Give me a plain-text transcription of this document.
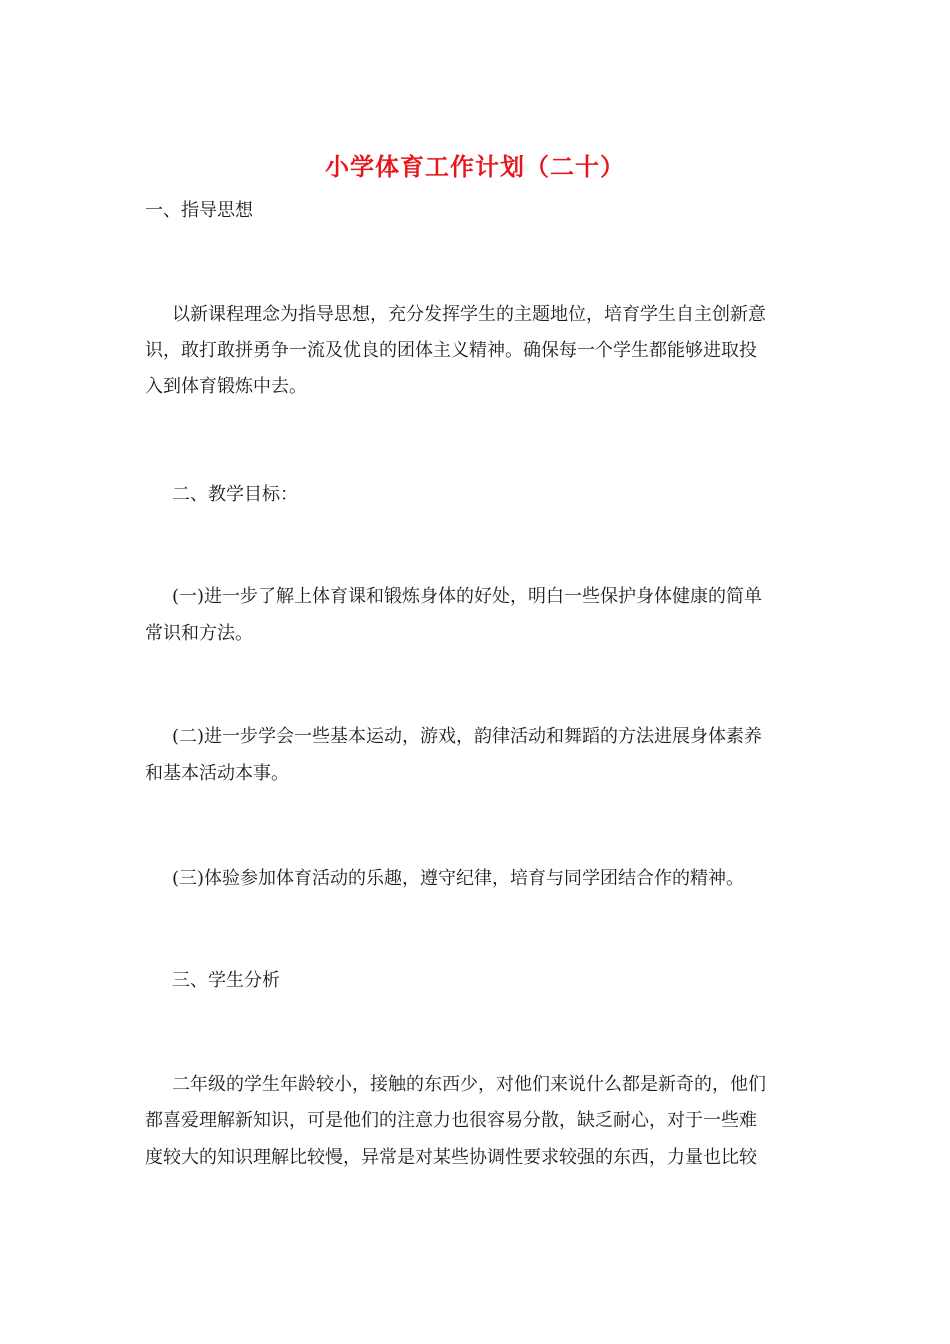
小学体育工作计划（二十）
一、指导思想
以新课程理念为指导思想，充分发挥学生的主题地位，培育学生自主创新意
识，敢打敢拼勇争一流及优良的团体主义精神。确保每一个学生都能够进取投
入到体育锻炼中去。
二、教学目标：
(一)进一步了解上体育课和锻炼身体的好处，明白一些保护身体健康的简单
常识和方法。
(二)进一步学会一些基本运动，游戏，韵律活动和舞蹈的方法进展身体素养
和基本活动本事。
(三)体验参加体育活动的乐趣，遵守纪律，培育与同学团结合作的精神。
三、学生分析
二年级的学生年龄较小，接触的东西少，对他们来说什么都是新奇的，他们
都喜爱理解新知识，可是他们的注意力也很容易分散，缺乏耐心，对于一些难
度较大的知识理解比较慢，异常是对某些协调性要求较强的东西，力量也比较
